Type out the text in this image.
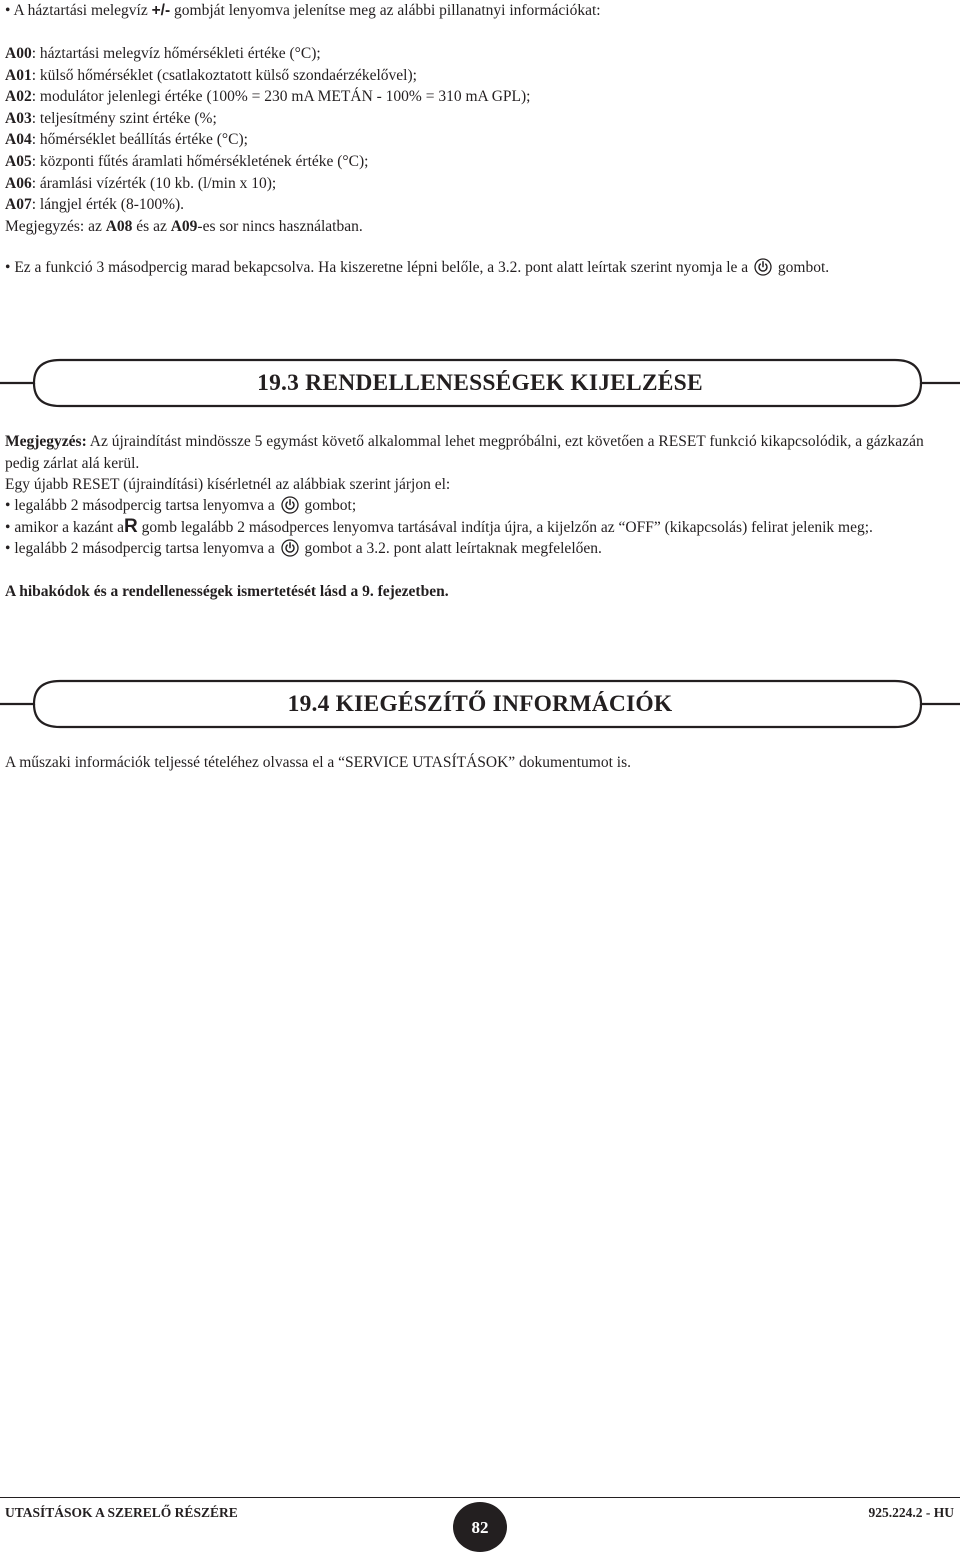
• A háztartási melegvíz +/- gombját lenyomva jelenítse meg az alábbi pillanatnyi információkat:
A00: háztartási melegvíz hőmérsékleti értéke (°C);
A01: külső hőmérséklet (csatlakoztatott külső szondaérzékelővel);
A02: modulátor jelenlegi értéke (100% = 230 mA METÁN - 100% = 310 mA GPL);
A03: teljesítmény szint értéke (%;
A04: hőmérséklet beállítás értéke (°C);
A05: központi fűtés áramlati hőmérsékletének értéke (°C);
A06: áramlási vízérték (10 kb. (l/min x 10);
A07: lángjel érték (8-100%).
Megjegyzés: az A08 és az A09-es sor nincs használatban.
• Ez a funkció 3 másodpercig marad bekapcsolva. Ha kiszeretne lépni belőle, a 3.2. pont alatt leírtak szerint nyomja le a gombot.
19.3 RENDELLENESSÉGEK KIJELZÉSE
Megjegyzés: Az újraindítást mindössze 5 egymást követő alkalommal lehet megpróbálni, ezt követően a RESET funkció kikapcsolódik, a gázkazán pedig zárlat alá kerül.
Egy újabb RESET (újraindítási) kísérletnél az alábbiak szerint járjon el:
• legalább 2 másodpercig tartsa lenyomva a gombot;
• amikor a kazánt aR gomb legalább 2 másodperces lenyomva tartásával indítja újra, a kijelzőn az “OFF” (kikapcsolás) felirat jelenik meg;.
• legalább 2 másodpercig tartsa lenyomva a gombot a 3.2. pont alatt leírtaknak megfelelően.
A hibakódok és a rendellenességek ismertetését lásd a 9. fejezetben.
19.4 KIEGÉSZÍTŐ INFORMÁCIÓK
A műszaki információk teljessé tételéhez olvassa el a “SERVICE UTASÍTÁSOK” dokumentumot is.
UTASÍTÁSOK A SZERELŐ RÉSZÉRE
82
925.224.2 - HU
